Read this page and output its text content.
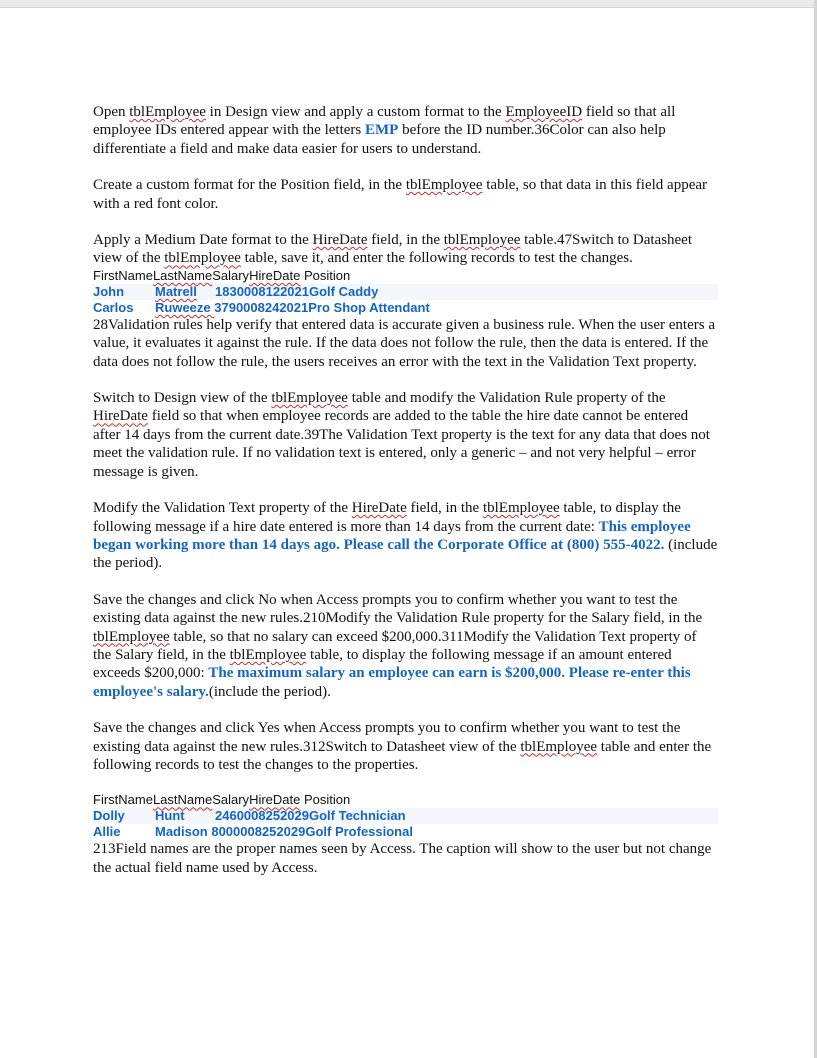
Open tblEmployee in Design view and apply a custom format to the EmployeeID field so that all employee IDs entered appear with the letters EMP before the ID number.36Color can also help differentiate a field and make data easier for users to understand.

Create a custom format for the Position field, in the tblEmployee table, so that data in this field appear with a red font color.

Apply a Medium Date format to the HireDate field, in the tblEmployee table.47Switch to Datasheet view of the tblEmployee table, save it, and enter the following records to test the changes.

FirstNameLastNameSalaryHireDate Position
John Matrell 1830008122021Golf Caddy
Carlos Ruweeze 3790008242021Pro Shop Attendant

28Validation rules help verify that entered data is accurate given a business rule. When the user enters a value, it evaluates it against the rule. If the data does not follow the rule, then the data is entered. If the data does not follow the rule, the users receives an error with the text in the Validation Text property.

Switch to Design view of the tblEmployee table and modify the Validation Rule property of the HireDate field so that when employee records are added to the table the hire date cannot be entered after 14 days from the current date.39The Validation Text property is the text for any data that does not meet the validation rule. If no validation text is entered, only a generic – and not very helpful – error message is given.

Modify the Validation Text property of the HireDate field, in the tblEmployee table, to display the following message if a hire date entered is more than 14 days from the current date: This employee began working more than 14 days ago. Please call the Corporate Office at (800) 555-4022. (include the period).

Save the changes and click No when Access prompts you to confirm whether you want to test the existing data against the new rules.210Modify the Validation Rule property for the Salary field, in the tblEmployee table, so that no salary can exceed $200,000.311Modify the Validation Text property of the Salary field, in the tblEmployee table, to display the following message if an amount entered exceeds $200,000: The maximum salary an employee can earn is $200,000. Please re-enter this employee's salary.(include the period).

Save the changes and click Yes when Access prompts you to confirm whether you want to test the existing data against the new rules.312Switch to Datasheet view of the tblEmployee table and enter the following records to test the changes to the properties.

FirstNameLastNameSalaryHireDate Position
Dolly Hunt 2460008252029Golf Technician
Allie	Madison 8000008252029Golf Professional

213Field names are the proper names seen by Access. The caption will show to the user but not change the actual field name used by Access.
